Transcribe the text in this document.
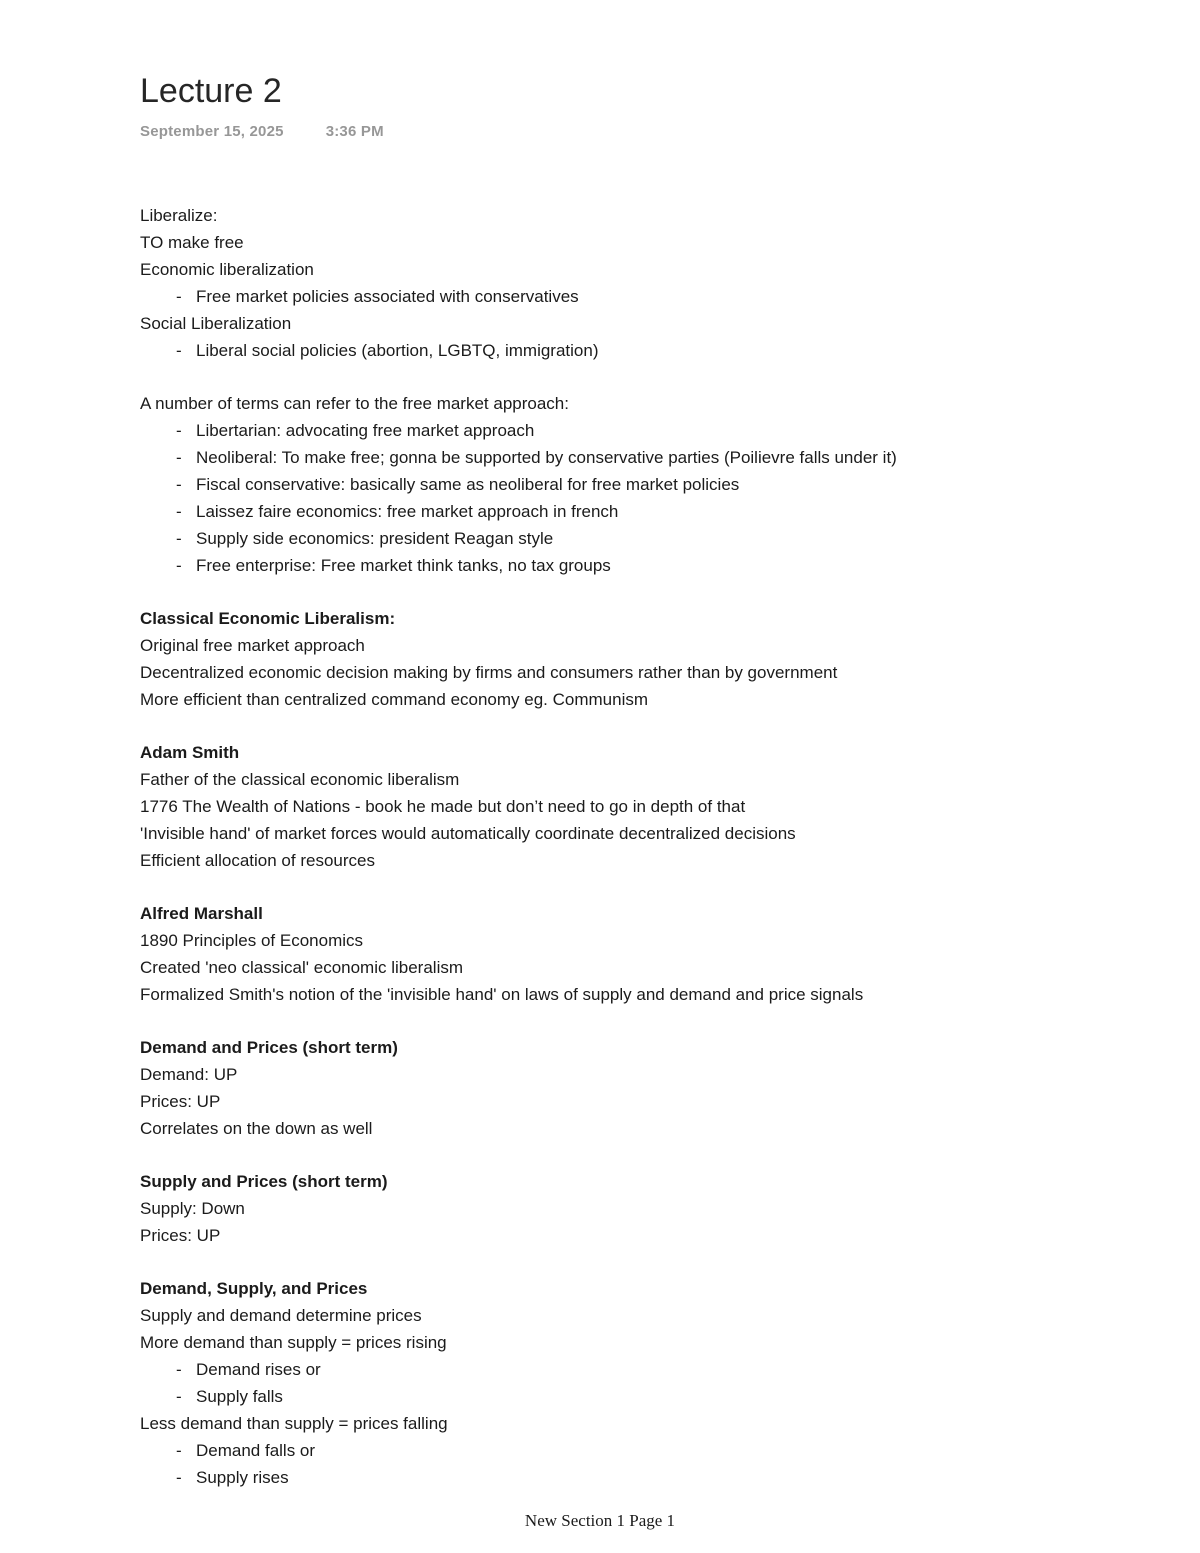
Lecture 2
September 15, 2025	3:36 PM
Liberalize:
TO make free
Economic liberalization
- Free market policies associated with conservatives
Social Liberalization
- Liberal social policies (abortion, LGBTQ, immigration)
A number of terms can refer to the free market approach:
- Libertarian: advocating free market approach
- Neoliberal: To make free; gonna be supported by conservative parties (Poilievre falls under it)
- Fiscal conservative: basically same as neoliberal for free market policies
- Laissez faire economics: free market approach in french
- Supply side economics: president Reagan style
- Free enterprise: Free market think tanks, no tax groups
Classical Economic Liberalism:
Original free market approach
Decentralized economic decision making by firms and consumers rather than by government
More efficient than centralized command economy eg. Communism
Adam Smith
Father of the classical economic liberalism
1776 The Wealth of Nations - book he made but don’t need to go in depth of that
'Invisible hand' of market forces would automatically coordinate decentralized decisions
Efficient allocation of resources
Alfred Marshall
1890 Principles of Economics
Created 'neo classical' economic liberalism
Formalized Smith's notion of the 'invisible hand' on laws of supply and demand and price signals
Demand and Prices (short term)
Demand: UP
Prices: UP
Correlates on the down as well
Supply and Prices (short term)
Supply: Down
Prices: UP
Demand, Supply, and Prices
Supply and demand determine prices
More demand than supply = prices rising
- Demand rises or
- Supply falls
Less demand than supply = prices falling
- Demand falls or
- Supply rises
New Section 1 Page 1
